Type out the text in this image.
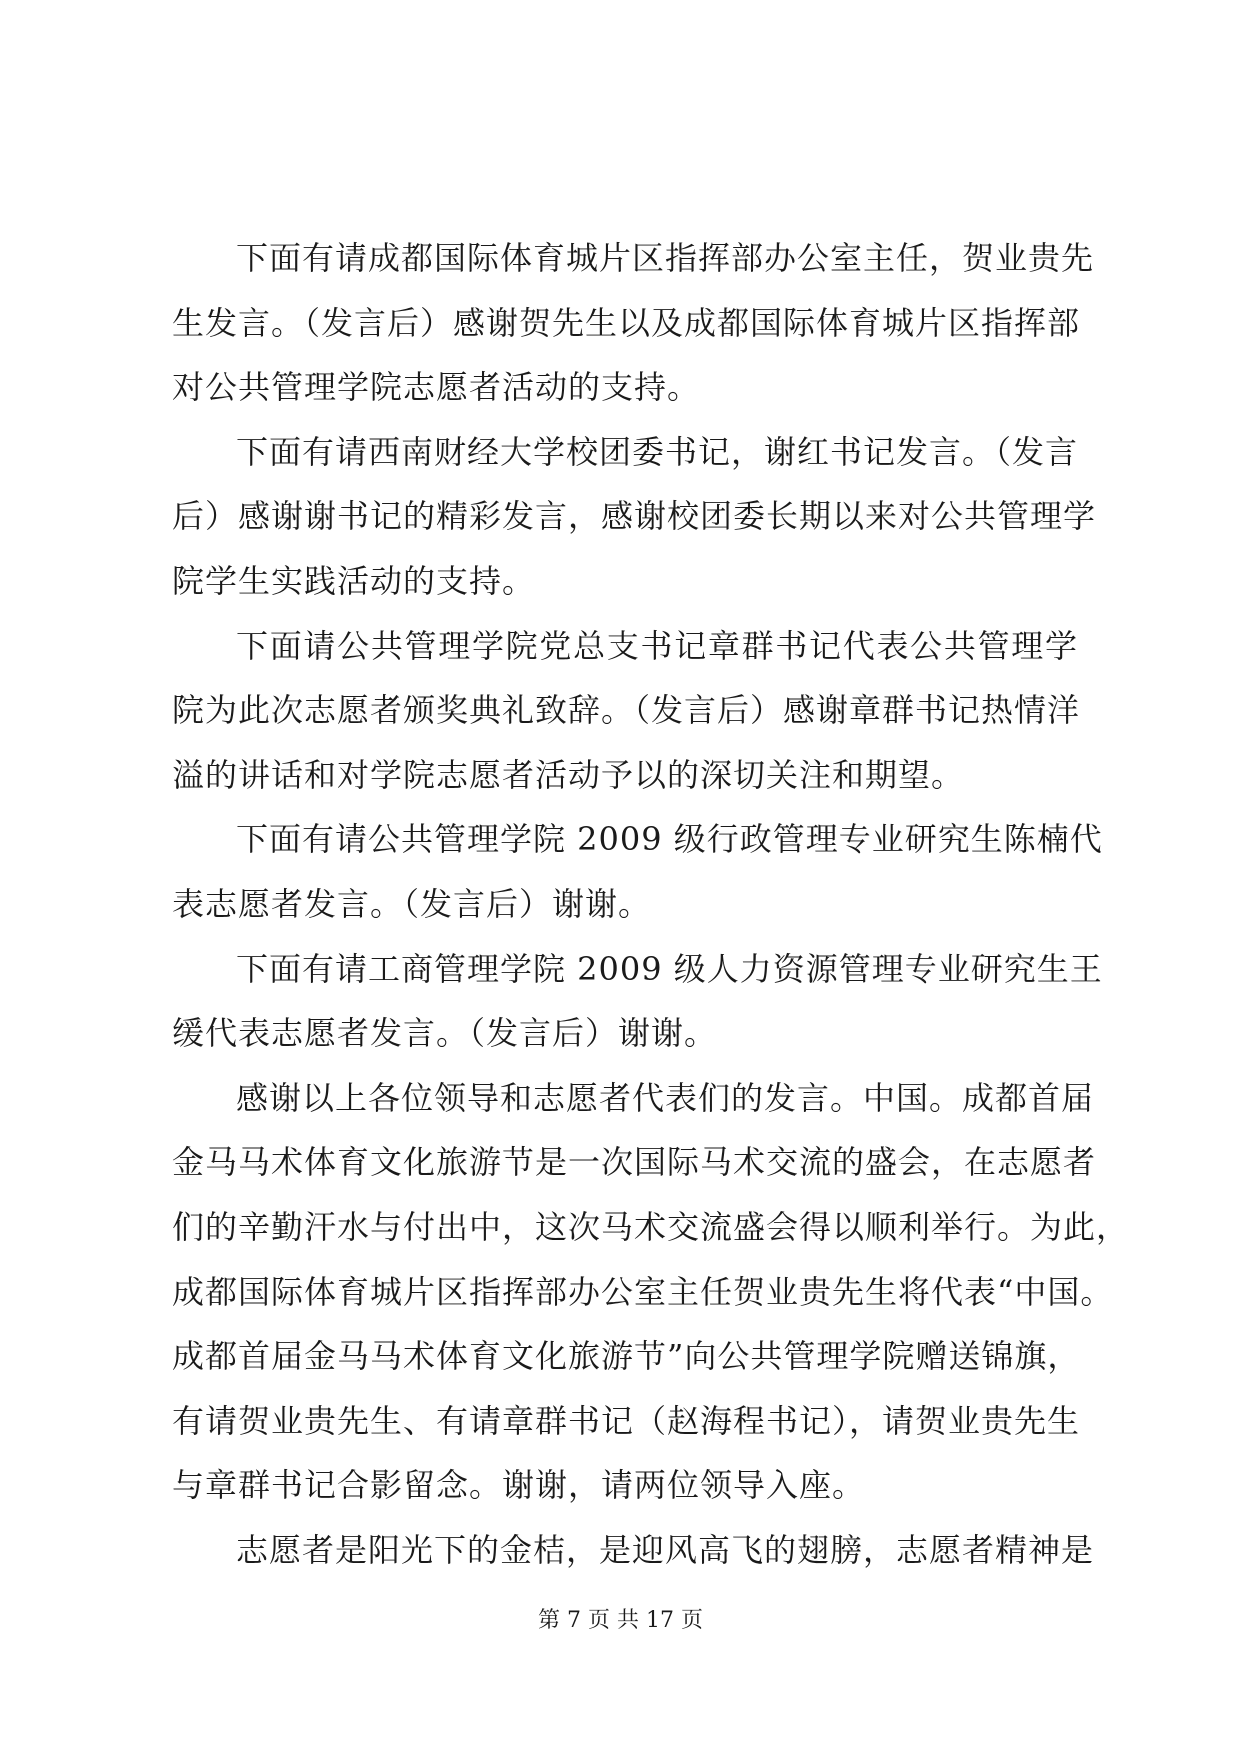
下面有请成都国际体育城片区指挥部办公室主任，贺业贵先
生发言。（发言后）感谢贺先生以及成都国际体育城片区指挥部
对公共管理学院志愿者活动的支持。
下面有请西南财经大学校团委书记，谢红书记发言。（发言
后）感谢谢书记的精彩发言，感谢校团委长期以来对公共管理学
院学生实践活动的支持。
下面请公共管理学院党总支书记章群书记代表公共管理学
院为此次志愿者颁奖典礼致辞。（发言后）感谢章群书记热情洋
溢的讲话和对学院志愿者活动予以的深切关注和期望。
下面有请公共管理学院 2009 级行政管理专业研究生陈楠代
表志愿者发言。（发言后）谢谢。
下面有请工商管理学院 2009 级人力资源管理专业研究生王
缓代表志愿者发言。（发言后）谢谢。
感谢以上各位领导和志愿者代表们的发言。中国。成都首届
金马马术体育文化旅游节是一次国际马术交流的盛会，在志愿者
们的辛勤汗水与付出中，这次马术交流盛会得以顺利举行。为此，
成都国际体育城片区指挥部办公室主任贺业贵先生将代表“中国。
成都首届金马马术体育文化旅游节”向公共管理学院赠送锦旗，
有请贺业贵先生、有请章群书记（赵海程书记），请贺业贵先生
与章群书记合影留念。谢谢，请两位领导入座。
志愿者是阳光下的金桔，是迎风高飞的翅膀，志愿者精神是
第 7 页 共 17 页
